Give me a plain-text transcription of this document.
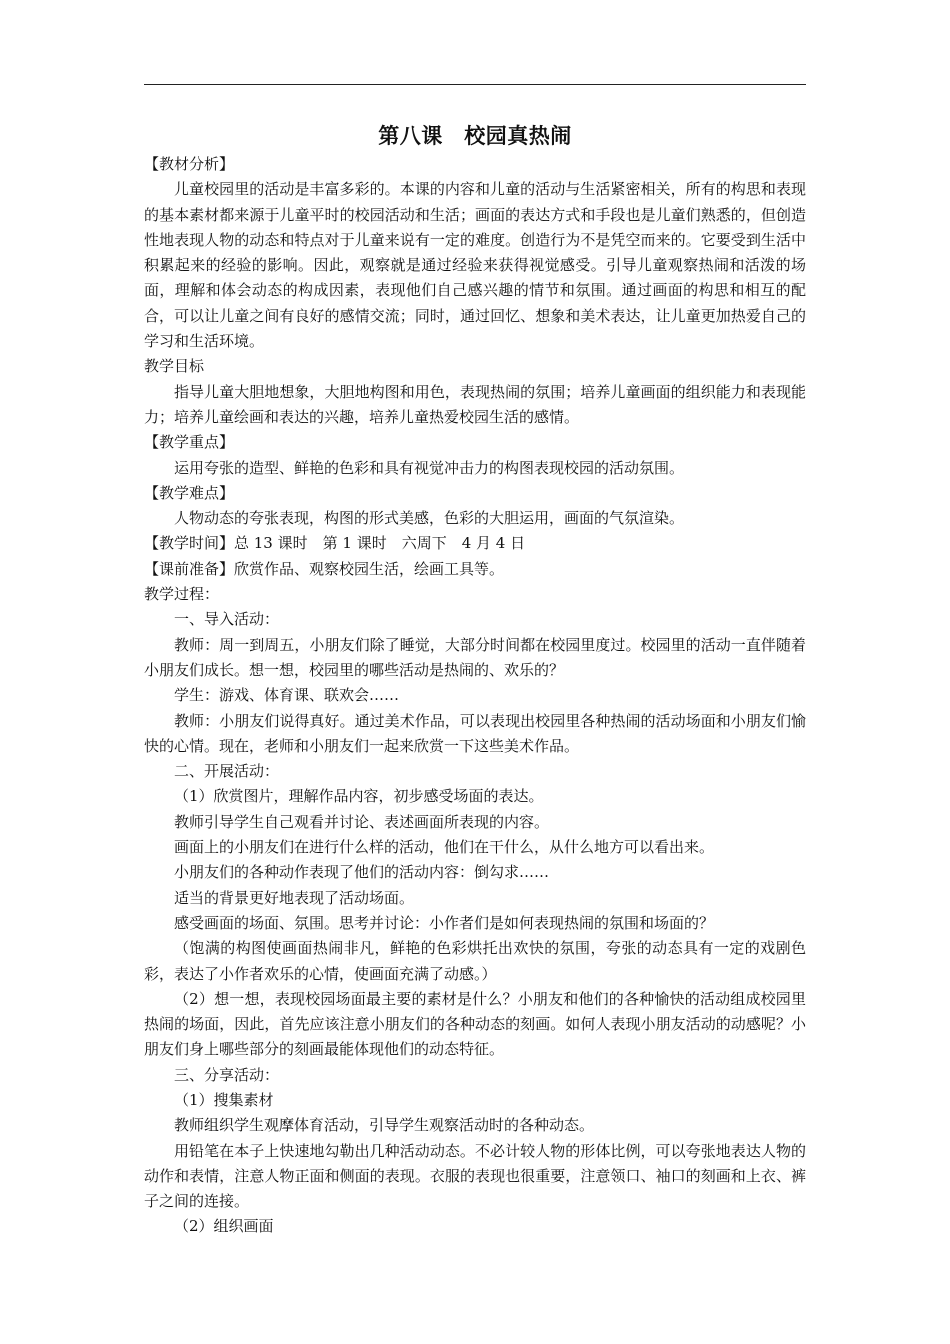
第八课　校园真热闹

【教材分析】

儿童校园里的活动是丰富多彩的。本课的内容和儿童的活动与生活紧密相关，所有的构思和表现的基本素材都来源于儿童平时的校园活动和生活；画面的表达方式和手段也是儿童们熟悉的，但创造性地表现人物的动态和特点对于儿童来说有一定的难度。创造行为不是凭空而来的。它要受到生活中积累起来的经验的影响。因此，观察就是通过经验来获得视觉感受。引导儿童观察热闹和活泼的场面，理解和体会动态的构成因素，表现他们自己感兴趣的情节和氛围。通过画面的构思和相互的配合，可以让儿童之间有良好的感情交流；同时，通过回忆、想象和美术表达，让儿童更加热爱自己的学习和生活环境。

教学目标

指导儿童大胆地想象，大胆地构图和用色，表现热闹的氛围；培养儿童画面的组织能力和表现能力；培养儿童绘画和表达的兴趣，培养儿童热爱校园生活的感情。

【教学重点】

运用夸张的造型、鲜艳的色彩和具有视觉冲击力的构图表现校园的活动氛围。

【教学难点】

人物动态的夸张表现，构图的形式美感，色彩的大胆运用，画面的气氛渲染。

【教学时间】总 13 课时　第 1 课时　六周下　4 月 4 日

【课前准备】欣赏作品、观察校园生活，绘画工具等。

教学过程：

一、导入活动：

教师：周一到周五，小朋友们除了睡觉，大部分时间都在校园里度过。校园里的活动一直伴随着小朋友们成长。想一想，校园里的哪些活动是热闹的、欢乐的？

学生：游戏、体育课、联欢会……

教师：小朋友们说得真好。通过美术作品，可以表现出校园里各种热闹的活动场面和小朋友们愉快的心情。现在，老师和小朋友们一起来欣赏一下这些美术作品。

二、开展活动：

（1）欣赏图片，理解作品内容，初步感受场面的表达。

教师引导学生自己观看并讨论、表述画面所表现的内容。

画面上的小朋友们在进行什么样的活动，他们在干什么，从什么地方可以看出来。

小朋友们的各种动作表现了他们的活动内容：倒勾求……

适当的背景更好地表现了活动场面。

感受画面的场面、氛围。思考并讨论：小作者们是如何表现热闹的氛围和场面的？

（饱满的构图使画面热闹非凡，鲜艳的色彩烘托出欢快的氛围，夸张的动态具有一定的戏剧色彩，表达了小作者欢乐的心情，使画面充满了动感。）

（2）想一想，表现校园场面最主要的素材是什么？小朋友和他们的各种愉快的活动组成校园里热闹的场面，因此，首先应该注意小朋友们的各种动态的刻画。如何人表现小朋友活动的动感呢？小朋友们身上哪些部分的刻画最能体现他们的动态特征。

三、分享活动：

（1）搜集素材

教师组织学生观摩体育活动，引导学生观察活动时的各种动态。

用铅笔在本子上快速地勾勒出几种活动动态。不必计较人物的形体比例，可以夸张地表达人物的动作和表情，注意人物正面和侧面的表现。衣服的表现也很重要，注意领口、袖口的刻画和上衣、裤子之间的连接。

（2）组织画面
